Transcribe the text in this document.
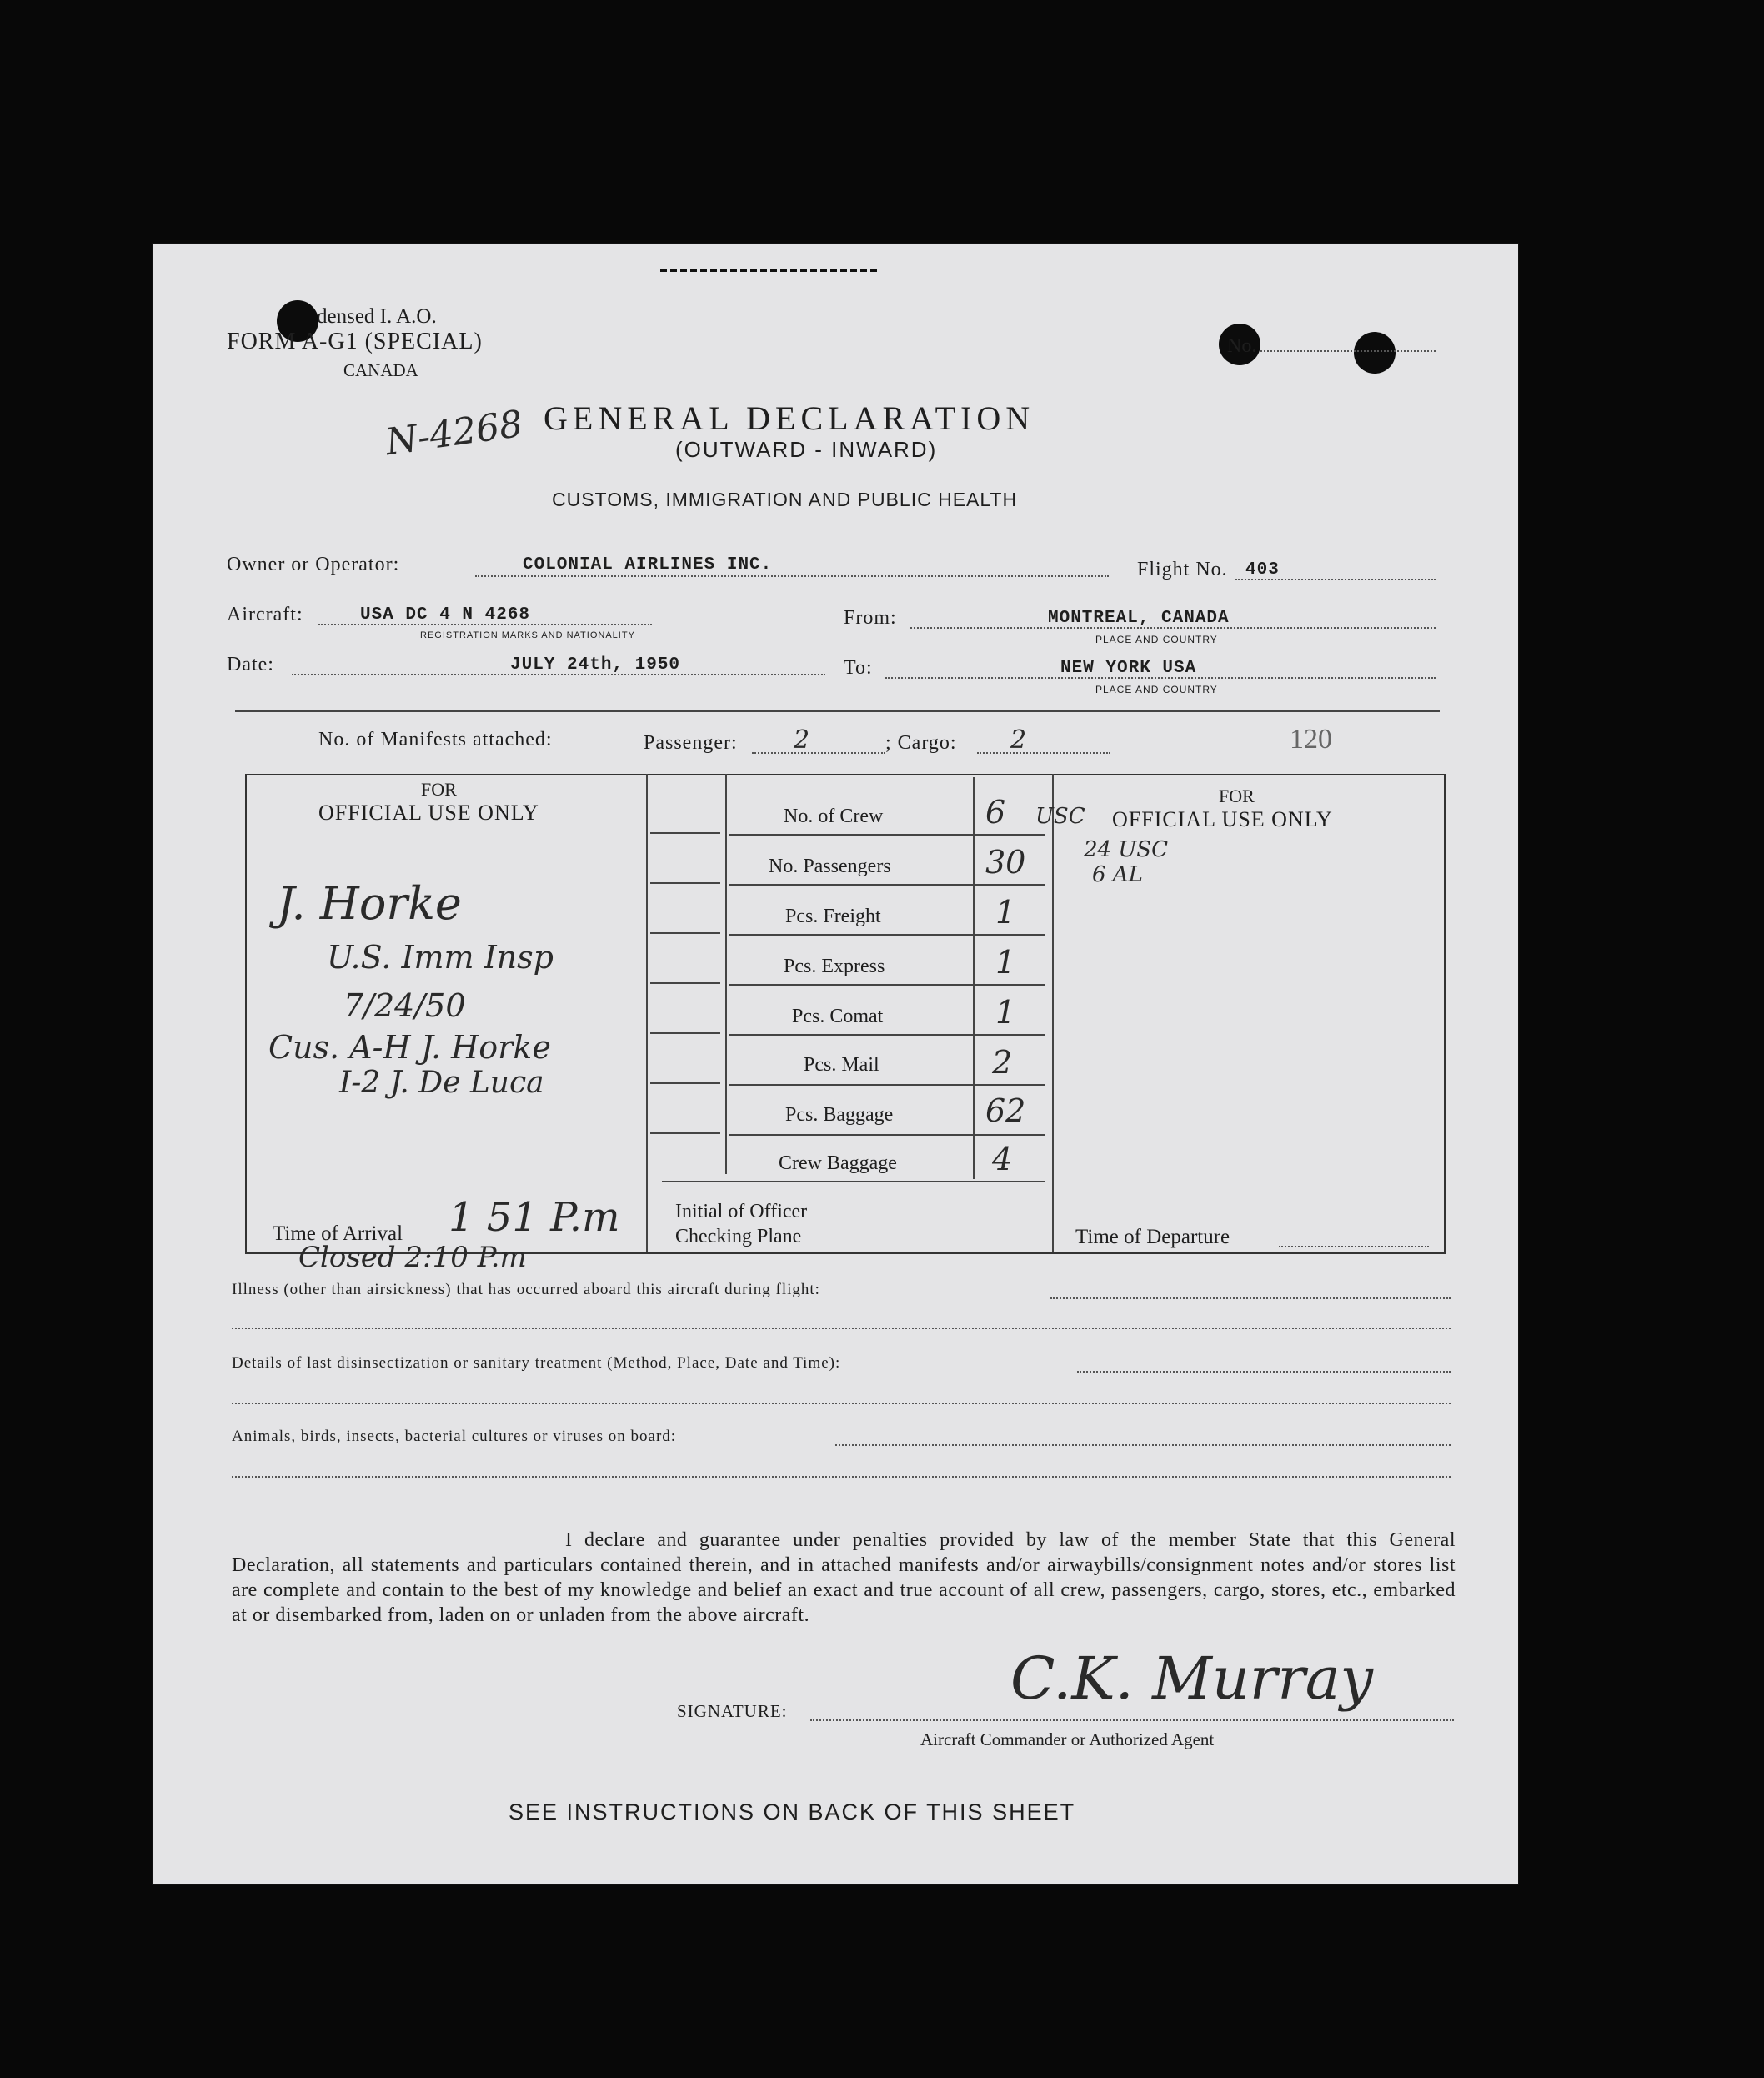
densed I. A.O.
FORM A-G1 (SPECIAL)
CANADA
No.
N-4268 GENERAL DECLARATION
(OUTWARD - INWARD)
CUSTOMS, IMMIGRATION AND PUBLIC HEALTH
Owner or Operator:	COLONIAL AIRLINES INC.	Flight No. 403
Aircraft:	USA DC 4 N 4268
REGISTRATION MARKS AND NATIONALITY
From:	MONTREAL, CANADA
PLACE AND COUNTRY
Date:	JULY 24th, 1950	To:	NEW YORK USA
PLACE AND COUNTRY
No. of Manifests attached:	Passenger: 2	; Cargo: 2	120
FOR
OFFICIAL USE ONLY
J. Horke
U.S. Imm Insp
7/24/50
Cus. A-H J. Horke
I-2 J. De Luca
Time of Arrival 1 51 P.m
Closed 2:10 P.m
No. of Crew	6
No. Passengers	30
Pcs. Freight	1
Pcs. Express	1
Pcs. Comat	1
Pcs. Mail	2
Pcs. Baggage	62
Crew Baggage	4
Initial of Officer
Checking Plane
FOR
USC OFFICIAL USE ONLY
24 USC
6 AL
Time of Departure
Illness (other than airsickness) that has occurred aboard this aircraft during flight:
Details of last disinsectization or sanitary treatment (Method, Place, Date and Time):
Animals, birds, insects, bacterial cultures or viruses on board:
I declare and guarantee under penalties provided by law of the member State that this General Declaration, all statements and particulars contained therein, and in attached manifests and/or airwaybills/consignment notes and/or stores list are complete and contain to the best of my knowledge and belief an exact and true account of all crew, passengers, cargo, stores, etc., embarked at or disembarked from, laden on or unladen from the above aircraft.
SIGNATURE:	C.K. Murray
Aircraft Commander or Authorized Agent
SEE INSTRUCTIONS ON BACK OF THIS SHEET
